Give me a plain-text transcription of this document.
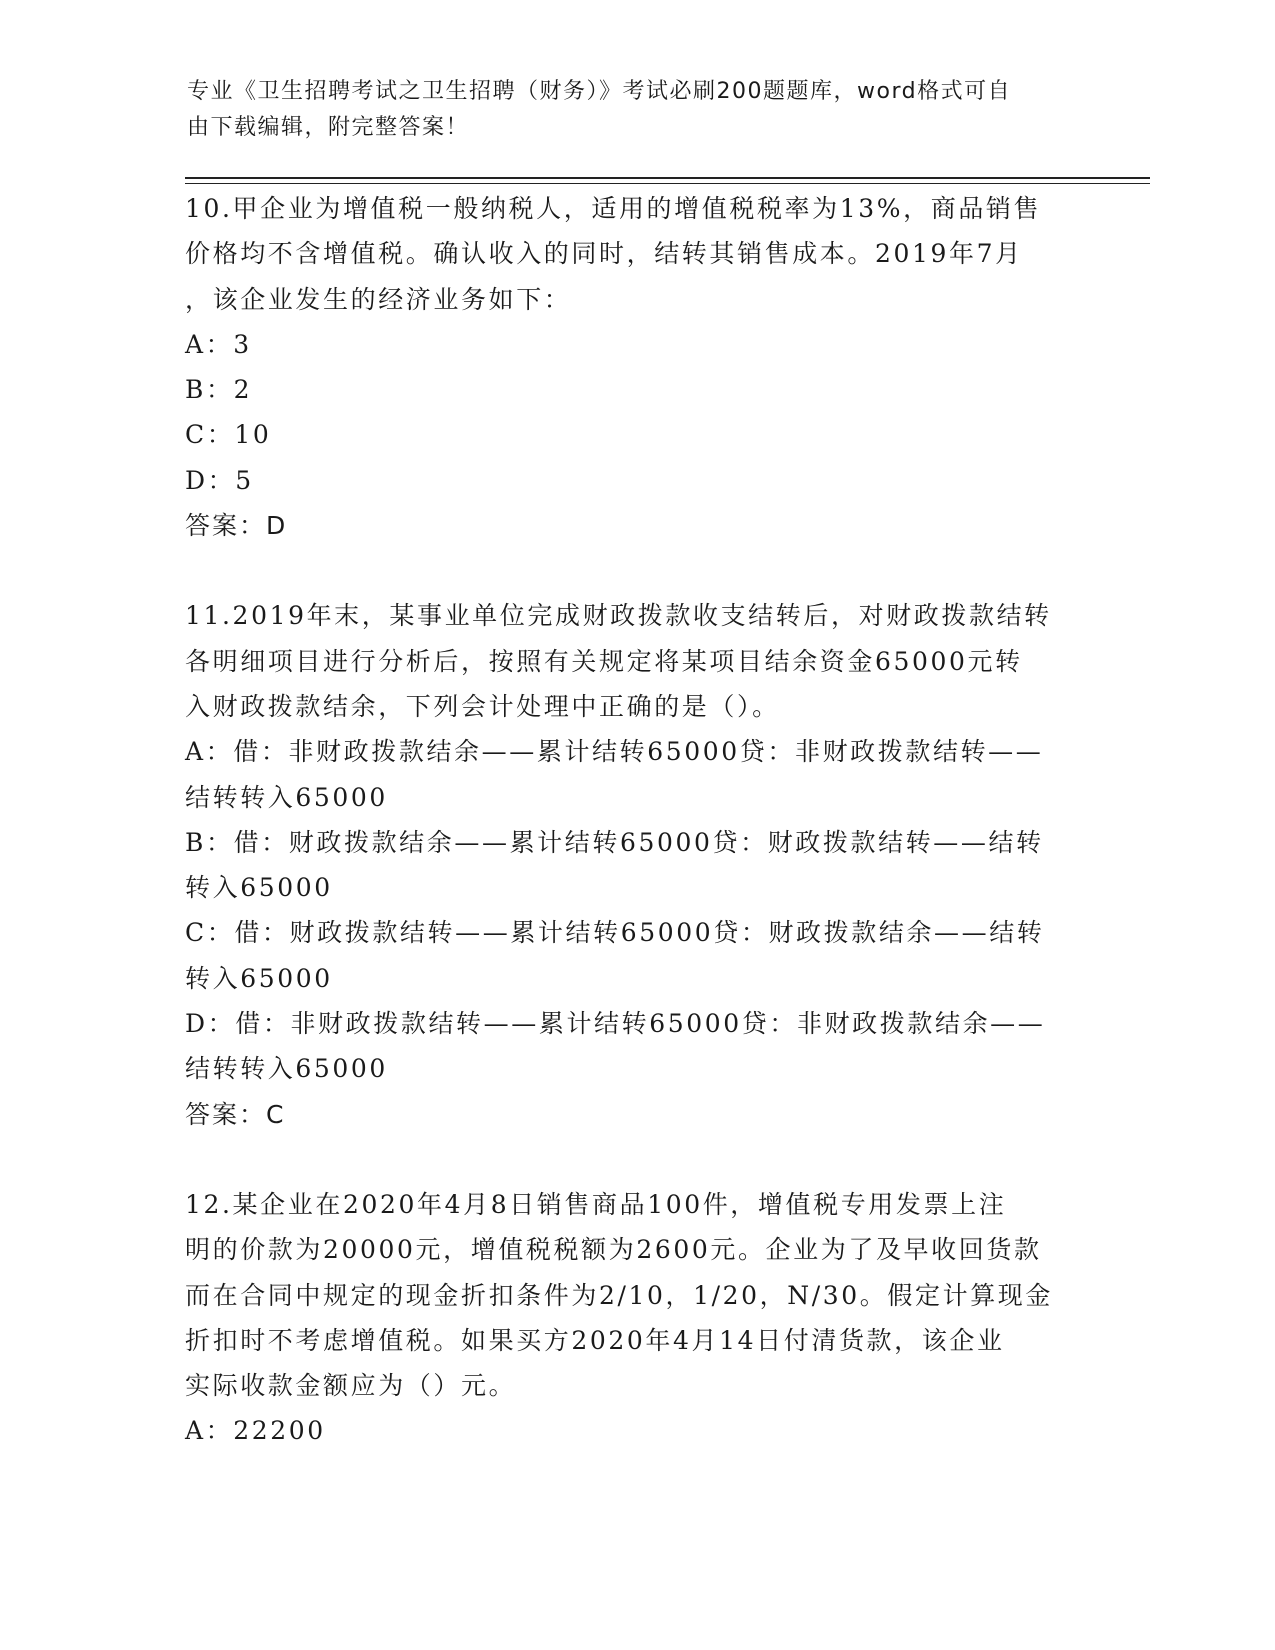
专业《卫生招聘考试之卫生招聘（财务）》考试必刷200题题库，word格式可自
由下载编辑，附完整答案！
10.甲企业为增值税一般纳税人，适用的增值税税率为13%，商品销售
价格均不含增值税。确认收入的同时，结转其销售成本。2019年7月
，该企业发生的经济业务如下：
A：3
B：2
C：10
D：5
答案：D
11.2019年末，某事业单位完成财政拨款收支结转后，对财政拨款结转
各明细项目进行分析后，按照有关规定将某项目结余资金65000元转
入财政拨款结余，下列会计处理中正确的是（）。
A：借：非财政拨款结余——累计结转65000贷：非财政拨款结转——
结转转入65000
B：借：财政拨款结余——累计结转65000贷：财政拨款结转——结转
转入65000
C：借：财政拨款结转——累计结转65000贷：财政拨款结余——结转
转入65000
D：借：非财政拨款结转——累计结转65000贷：非财政拨款结余——
结转转入65000
答案：C
12.某企业在2020年4月8日销售商品100件，增值税专用发票上注
明的价款为20000元，增值税税额为2600元。企业为了及早收回货款
而在合同中规定的现金折扣条件为2/10，1/20，N/30。假定计算现金
折扣时不考虑增值税。如果买方2020年4月14日付清货款，该企业
实际收款金额应为（）元。
A：22200
